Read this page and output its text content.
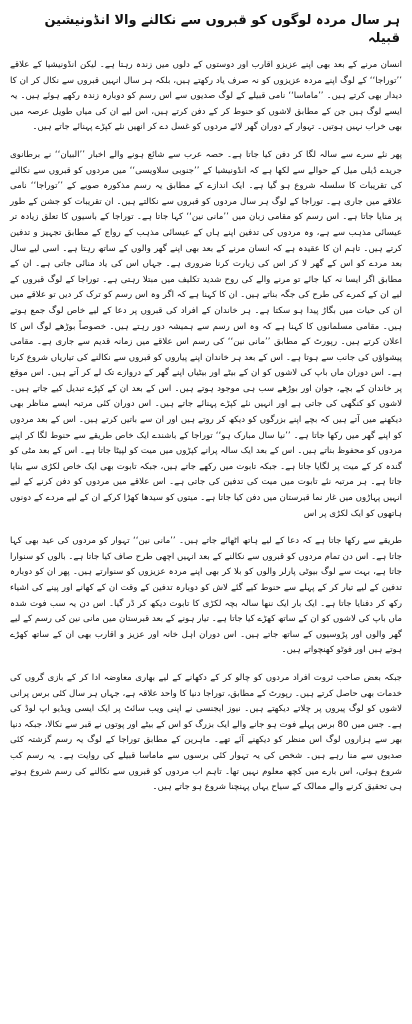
ہر سال مردہ لوگوں کو قبروں سے نکالنے والا انڈونیشین قبیلہ

انسان مرنے کے بعد بھی اپنے عزیزو اقارب اور دوستوں کے دلوں میں زندہ رہتا ہے۔ لیکن انڈونیشیا کے علاقے ’’توراجا‘‘ کے لوگ اپنے مردہ عزیزوں کو نہ صرف یاد رکھتے ہیں، بلکہ ہر سال انہیں قبروں سے نکال کر ان کا دیدار بھی کرتے ہیں۔ ’’ماماسا‘‘ نامی قبیلے کے لوگ صدیوں سے اس رسم کو دوبارہ زندہ رکھے ہوئے ہیں۔ یہ ایسے لوگ ہیں جن کے مطابق لاشوں کو حنوط کر کے دفن کرتے ہیں، اس لیے ان کی میاں طویل عرصہ میں بھی خراب نہیں ہوتیں۔ تہوار کے دوران گھر لائے مردوں کو غسل دے کر انھیں نئے کپڑے پہنائے جاتے ہیں۔

پھر نئے سرے سے سالہ لگا کر دفن کیا جاتا ہے۔ حصہ عرب سے شائع ہونے والے اخبار ’’البیان‘‘ نے برطانوی جریدے ڈیلی میل کے حوالے سے لکھا ہے کہ انڈونیشیا کے ’’جنوبی سلاویسی‘‘ میں مردوں کو قبروں سے نکالنے کی تقریبات کا سلسلہ شروع ہو گیا ہے۔ ایک اندازے کے مطابق یہ رسم مذکورہ صوبے کے ’’توراجا‘‘ نامی علاقے میں جاری ہے۔ توراجا کے لوگ ہر سال مردوں کو قبروں سے نکالتے ہیں۔ ان تقریبات کو جشن کے طور پر منایا جاتا ہے۔ اس رسم کو مقامی زبان میں ’’مانی نین‘‘ کہا جاتا ہے۔ توراجا کے باسیوں کا تعلق زیادہ تر عیسائی مذہب سے ہے، وہ مردوں کی تدفین اپنے ہاں کے عیسائی مذہب کے رواج کے مطابق تجہیز و تدفین کرتے ہیں۔ تاہم ان کا عقیدہ ہے کہ انسان مرنے کے بعد بھی اپنے گھر والوں کے ساتھ رہتا ہے۔ اسی لیے سال بعد مردے کو اس کے گھر لا کر اس کی زیارت کرنا ضروری ہے۔ جہاں اس کی یاد منائی جاتی ہے۔ ان کے مطابق اگر ایسا نہ کیا جائے تو مرنے والے کی روح شدید تکلیف میں مبتلا رہتی ہے۔ توراجا کے لوگ قبروں کے لیے ان کے کمرے کی طرح کی جگہ بناتے ہیں۔ ان کا کہنا ہے کہ اگر وہ اس رسم کو ترک کر دیں تو علاقے میں ان کی حیات میں بگاڑ پیدا ہو سکتا ہے۔ ہر خاندان کے افراد کی قبروں پر دعا کے لیے خاص لوگ جمع ہوتے ہیں۔ مقامی مسلمانوں کا کہنا ہے کہ وہ اس رسم سے ہمیشہ دور رہتے ہیں۔ خصوصاً بوڑھے لوگ اس کا اعلان کرتے ہیں۔ رپورٹ کے مطابق ’’مانی نین‘‘ کی رسم اس علاقے میں زمانہ قدیم سے جاری ہے۔ مقامی پیشواؤں کی جانب سے ہوتا ہے۔ اس کے بعد ہر خاندان اپنے پیاروں کو قبروں سے نکالنے کی تیاریاں شروع کرتا ہے۔ اس دوران ماں باپ کی لاشوں کو ان کے بیٹے اور بیٹیاں اپنے گھر کے دروازے تک لے کر آتے ہیں۔ اس موقع پر خاندان کے بچے، جوان اور بوڑھے سب ہی موجود ہوتے ہیں۔ اس کے بعد ان کے کپڑے تبدیل کیے جاتے ہیں۔ لاشوں کو کنگھی کی جاتی ہے اور انہیں نئے کپڑے پہنائے جاتے ہیں۔ اس دوران کئی مرتبہ ایسے مناظر بھی دیکھنے میں آتے ہیں کہ بچے اپنے بزرگوں کو دیکھ کر روتے ہیں اور ان سے باتیں کرتے ہیں۔ اس کے بعد مردوں کو اپنے گھر میں رکھا جاتا ہے۔ ’’نیا سال مبارک ہو‘‘ توراجا کے باشندے ایک خاص طریقے سے حنوط لگا کر اپنے مردوں کو محفوظ بناتے ہیں۔ اس کے بعد ایک سالہ پرانے کپڑوں میں میت کو لپیٹا جاتا ہے۔ اس کے بعد مٹی کو گندہ کر کے میت پر لگایا جاتا ہے۔ جبکہ تابوت میں رکھے جاتے ہیں، جبکہ تابوت بھی ایک خاص لکڑی سے بنایا جاتا ہے۔ ہر مرتبہ نئے تابوت میں میت کی تدفین کی جاتی ہے۔ اس علاقے میں مردوں کو دفن کرنے کے لیے انہیں پہاڑوں میں غار نما قبرستان میں دفن کیا جاتا ہے۔ میتوں کو سیدھا کھڑا کرکے ان کے لیے مردے کے دونوں ہاتھوں کو ایک لکڑی پر اس

طریقے سے رکھا جاتا ہے کہ دعا کے لیے ہاتھ اٹھائے جاتے ہیں۔ ’’مانی نین‘‘ تہوار کو مردوں کی عید بھی کہا جاتا ہے۔ اس دن تمام مردوں کو قبروں سے نکالنے کے بعد انہیں اچھی طرح صاف کیا جاتا ہے۔ بالوں کو سنوارا جاتا ہے، بہت سے لوگ بیوٹی پارلر والوں کو بلا کر بھی اپنے مردہ عزیزوں کو سنوارتے ہیں۔ پھر ان کو دوبارہ تدفین کے لیے تیار کر کے پہلے سے حنوط کیے گئے لاش کو دوبارہ تدفین کے وقت ان کے کھانے اور پینے کی اشیاء رکھ کر دفنایا جاتا ہے۔ ایک بار ایک ننھا سالہ بچہ لکڑی کا تابوت دیکھ کر ڈر گیا۔ اس دن یہ سب فوت شدہ ماں باپ کی لاشوں کو ان کے ساتھ کھڑے کیا جاتا ہے۔ تیار ہونے کے بعد قبرستان میں مانی نین کی رسم کے لیے گھر والوں اور پڑوسیوں کے ساتھ جاتے ہیں۔ اس دوران اہل خانہ اور عزیز و اقارب بھی ان کے ساتھ کھڑے ہوتے ہیں اور فوٹو کھنچواتے ہیں۔

جبکہ بعض صاحب ثروت افراد مردوں کو چالو کر کے دکھانے کے لیے بھاری معاوضہ ادا کر کے بازی گروں کی خدمات بھی حاصل کرتے ہیں۔ رپورٹ کے مطابق، توراجا دنیا کا واحد علاقہ ہے، جہاں ہر سال کئی برس پرانی لاشوں کو لوگ پیروں پر چلاتے دیکھتے ہیں۔ نیوز ایجنسی نے اپنی ویب سائٹ پر ایک ایسی ویڈیو اپ لوڈ کی ہے۔ جس میں 80 برس پہلے فوت ہو جانے والے ایک بزرگ کو اس کے بیٹے اور پوتوں نے قبر سے نکالا، جبکہ دنیا بھر سے ہزاروں لوگ اس منظر کو دیکھنے آئے تھے۔ ماہرین کے مطابق توراجا کے لوگ یہ رسم گزشتہ کئی صدیوں سے منا رہے ہیں۔ شخص کی یہ تہوار کئی برسوں سے ماماسا قبیلے کی روایت ہے۔ یہ رسم کب شروع ہوئی، اس بارے میں کچھ معلوم نہیں تھا۔ تاہم اب مردوں کو قبروں سے نکالنے کی رسم شروع ہوتے ہی تحقیق کرنے والے ممالک کے سیاح یہاں پہنچنا شروع ہو جاتے ہیں۔
